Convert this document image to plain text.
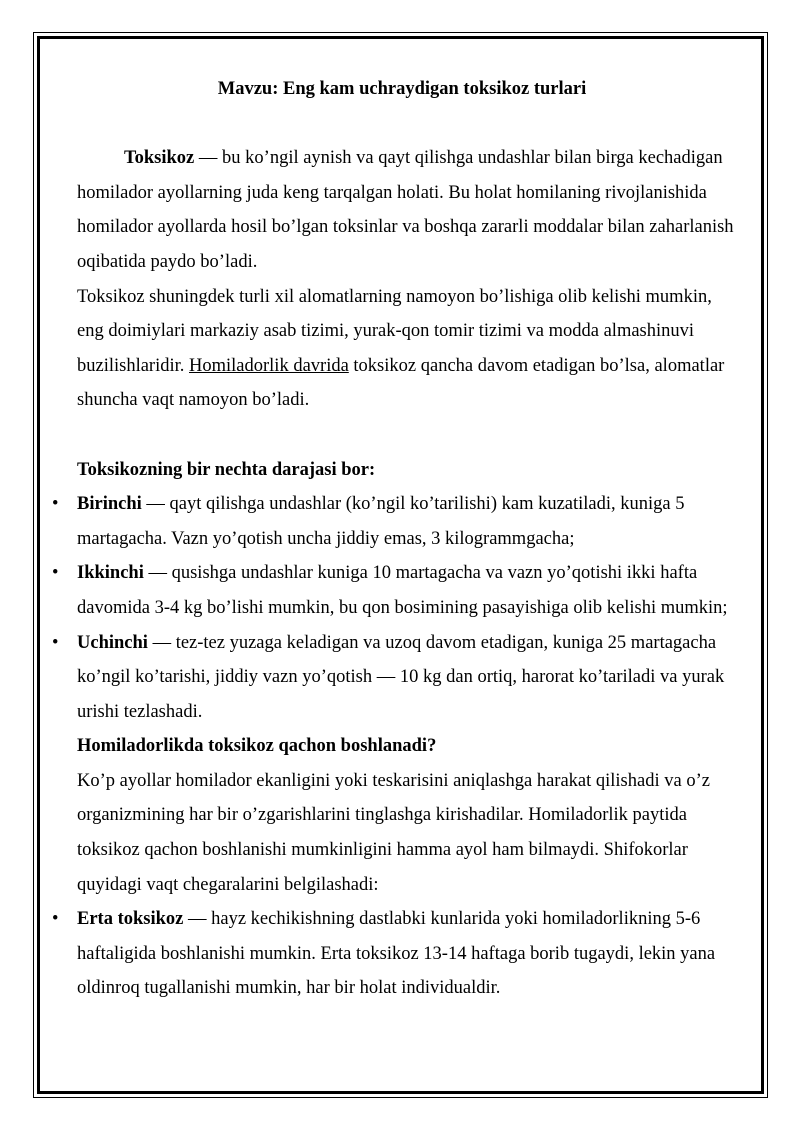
Mavzu: Eng kam uchraydigan toksikoz turlari

Toksikoz — bu ko’ngil aynish va qayt qilishga undashlar bilan birga kechadigan homilador ayollarning juda keng tarqalgan holati. Bu holat homilaning rivojlanishida homilador ayollarda hosil bo’lgan toksinlar va boshqa zararli moddalar bilan zaharlanish oqibatida paydo bo’ladi.

Toksikoz shuningdek turli xil alomatlarning namoyon bo’lishiga olib kelishi mumkin, eng doimiylari markaziy asab tizimi, yurak-qon tomir tizimi va modda almashinuvi buzilishlaridir. Homiladorlik davrida toksikoz qancha davom etadigan bo’lsa, alomatlar shuncha vaqt namoyon bo’ladi.

Toksikozning bir nechta darajasi bor:

• Birinchi — qayt qilishga undashlar (ko’ngil ko’tarilishi) kam kuzatiladi, kuniga 5 martagacha. Vazn yo’qotish uncha jiddiy emas, 3 kilogrammgacha;

• Ikkinchi — qusishga undashlar kuniga 10 martagacha va vazn yo’qotishi ikki hafta davomida 3-4 kg bo’lishi mumkin, bu qon bosimining pasayishiga olib kelishi mumkin;

• Uchinchi — tez-tez yuzaga keladigan va uzoq davom etadigan, kuniga 25 martagacha ko’ngil ko’tarishi, jiddiy vazn yo’qotish — 10 kg dan ortiq, harorat ko’tariladi va yurak urishi tezlashadi.

Homiladorlikda toksikoz qachon boshlanadi?

Ko’p ayollar homilador ekanligini yoki teskarisini aniqlashga harakat qilishadi va o’z organizmining har bir o’zgarishlarini tinglashga kirishadilar. Homiladorlik paytida toksikoz qachon boshlanishi mumkinligini hamma ayol ham bilmaydi. Shifokorlar quyidagi vaqt chegaralarini belgilashadi:

• Erta toksikoz — hayz kechikishning dastlabki kunlarida yoki homiladorlikning 5-6 haftaligida boshlanishi mumkin. Erta toksikoz 13-14 haftaga borib tugaydi, lekin yana oldinroq tugallanishi mumkin, har bir holat individualdir.
